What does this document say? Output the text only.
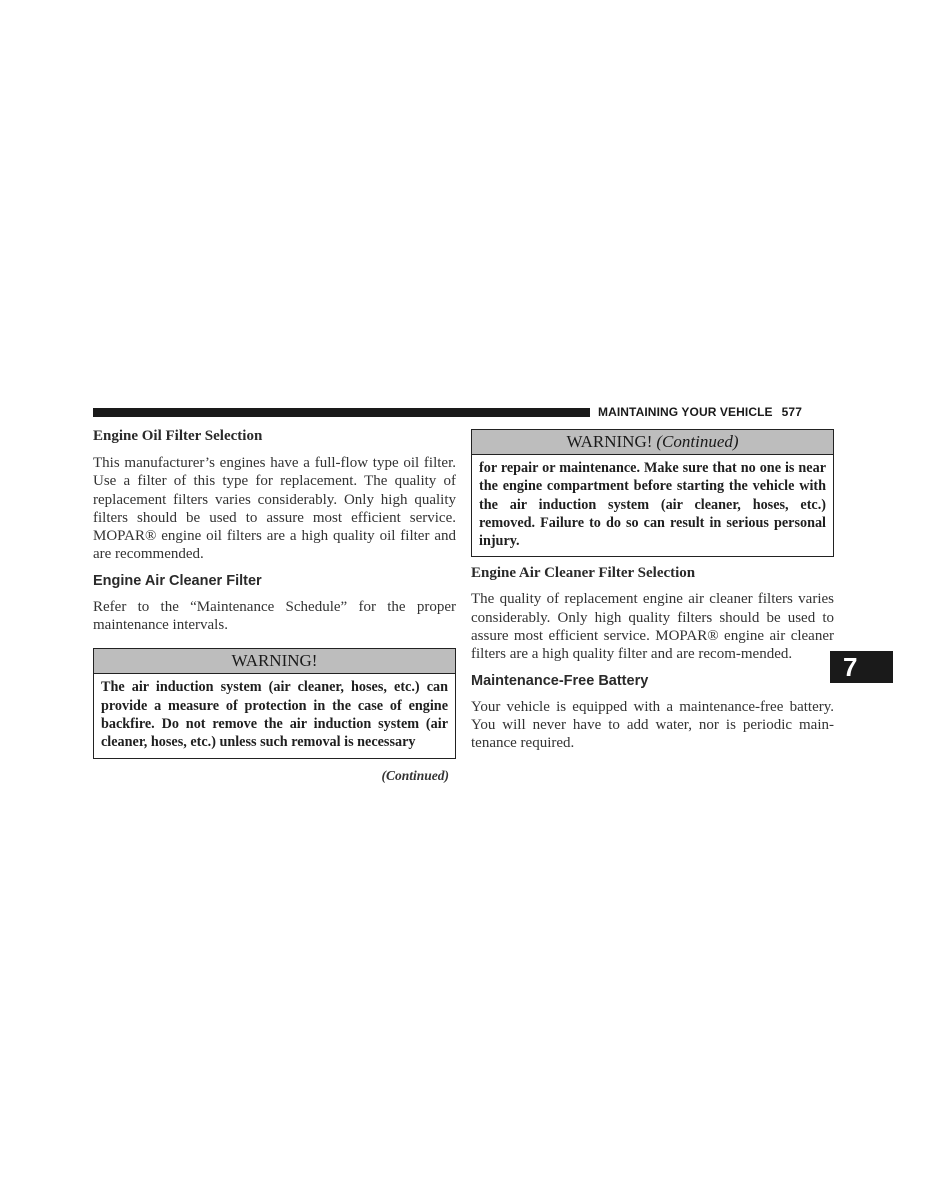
MAINTAINING YOUR VEHICLE 577
Engine Oil Filter Selection

This manufacturer’s engines have a full-flow type oil filter. Use a filter of this type for replacement. The quality of replacement filters varies considerably. Only high quality filters should be used to assure most efficient service. MOPAR® engine oil filters are a high quality oil filter and are recommended.

Engine Air Cleaner Filter

Refer to the “Maintenance Schedule” for the proper maintenance intervals.

WARNING!
The air induction system (air cleaner, hoses, etc.) can provide a measure of protection in the case of engine backfire. Do not remove the air induction system (air cleaner, hoses, etc.) unless such removal is necessary
(Continued)
WARNING! (Continued)
for repair or maintenance. Make sure that no one is near the engine compartment before starting the vehicle with the air induction system (air cleaner, hoses, etc.) removed. Failure to do so can result in serious personal injury.
Engine Air Cleaner Filter Selection

The quality of replacement engine air cleaner filters varies considerably. Only high quality filters should be used to assure most efficient service. MOPAR® engine air cleaner filters are a high quality filter and are recom-mended.

Maintenance-Free Battery

Your vehicle is equipped with a maintenance-free battery. You will never have to add water, nor is periodic main-tenance required.

7
